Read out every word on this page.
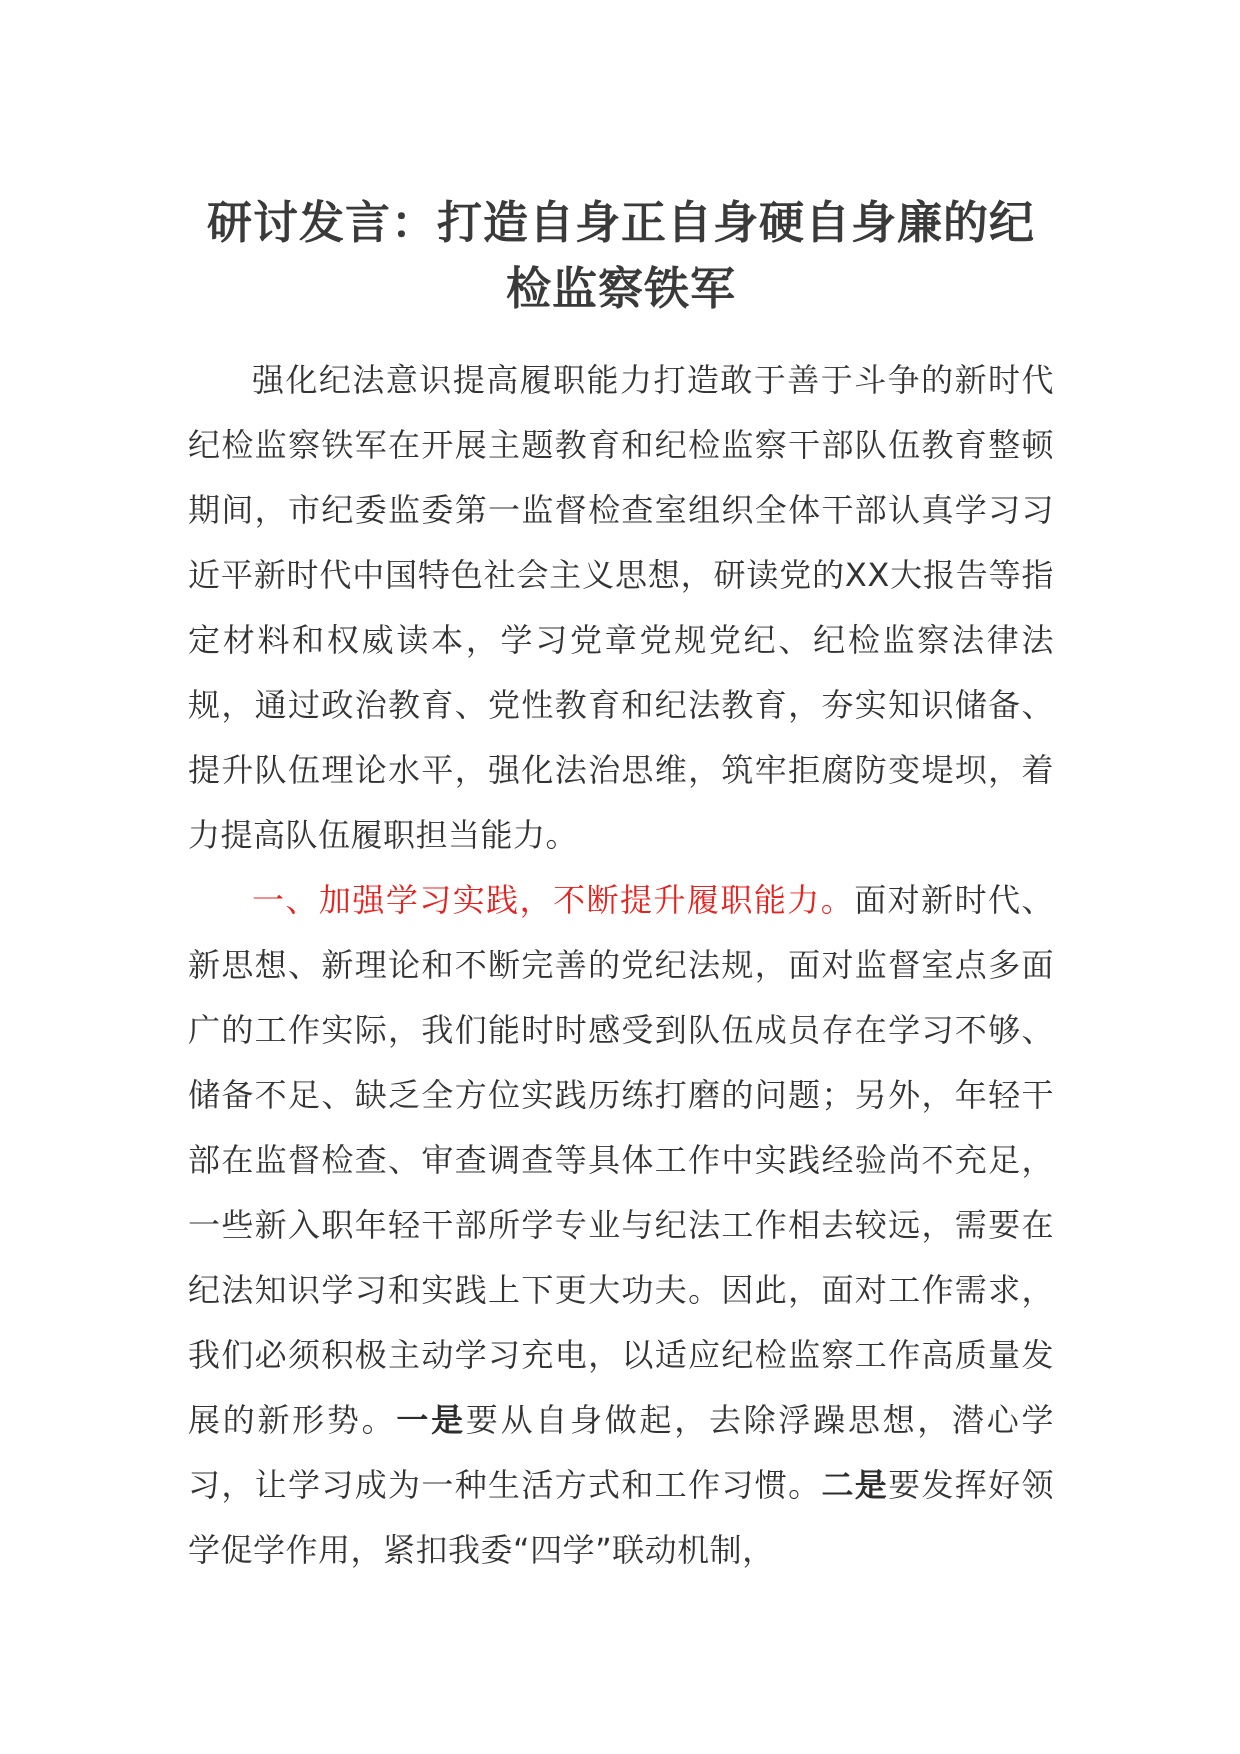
研讨发言：打造自身正自身硬自身廉的纪
检监察铁军

强化纪法意识提高履职能力打造敢于善于斗争的新时代纪检监察铁军在开展主题教育和纪检监察干部队伍教育整顿期间，市纪委监委第一监督检查室组织全体干部认真学习习近平新时代中国特色社会主义思想，研读党的XX大报告等指定材料和权威读本，学习党章党规党纪、纪检监察法律法规，通过政治教育、党性教育和纪法教育，夯实知识储备、提升队伍理论水平，强化法治思维，筑牢拒腐防变堤坝，着力提高队伍履职担当能力。

一、加强学习实践，不断提升履职能力。面对新时代、新思想、新理论和不断完善的党纪法规，面对监督室点多面广的工作实际，我们能时时感受到队伍成员存在学习不够、储备不足、缺乏全方位实践历练打磨的问题；另外，年轻干部在监督检查、审查调查等具体工作中实践经验尚不充足，一些新入职年轻干部所学专业与纪法工作相去较远，需要在纪法知识学习和实践上下更大功夫。因此，面对工作需求，我们必须积极主动学习充电，以适应纪检监察工作高质量发展的新形势。一是要从自身做起，去除浮躁思想，潜心学习，让学习成为一种生活方式和工作习惯。二是要发挥好领学促学作用，紧扣我委“四学”联动机制，
